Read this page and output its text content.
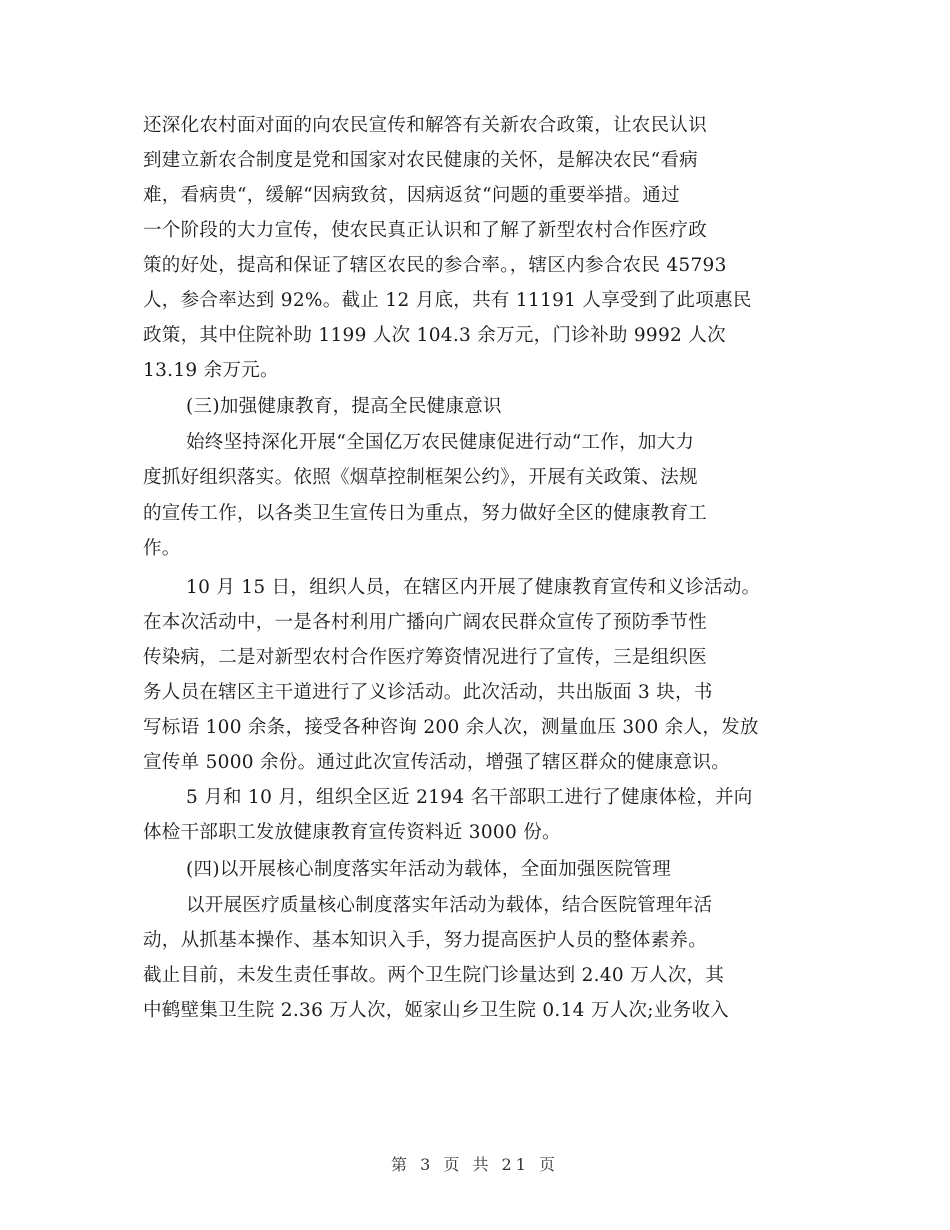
还深化农村面对面的向农民宣传和解答有关新农合政策，让农民认识
到建立新农合制度是党和国家对农民健康的关怀，是解决农民“看病
难，看病贵“，缓解“因病致贫，因病返贫“问题的重要举措。通过
一个阶段的大力宣传，使农民真正认识和了解了新型农村合作医疗政
策的好处，提高和保证了辖区农民的参合率。，辖区内参合农民 45793
人，参合率达到 92%。截止 12 月底，共有 11191 人享受到了此项惠民
政策，其中住院补助 1199 人次 104.3 余万元，门诊补助 9992 人次
13.19 余万元。
(三)加强健康教育，提高全民健康意识
始终坚持深化开展“全国亿万农民健康促进行动“工作，加大力
度抓好组织落实。依照《烟草控制框架公约》，开展有关政策、法规
的宣传工作，以各类卫生宣传日为重点，努力做好全区的健康教育工
作。
10 月 15 日，组织人员，在辖区内开展了健康教育宣传和义诊活动。
在本次活动中，一是各村利用广播向广阔农民群众宣传了预防季节性
传染病，二是对新型农村合作医疗筹资情况进行了宣传，三是组织医
务人员在辖区主干道进行了义诊活动。此次活动，共出版面 3 块，书
写标语 100 余条，接受各种咨询 200 余人次，测量血压 300 余人，发放
宣传单 5000 余份。通过此次宣传活动，增强了辖区群众的健康意识。
5 月和 10 月，组织全区近 2194 名干部职工进行了健康体检，并向
体检干部职工发放健康教育宣传资料近 3000 份。
(四)以开展核心制度落实年活动为载体，全面加强医院管理
以开展医疗质量核心制度落实年活动为载体，结合医院管理年活
动，从抓基本操作、基本知识入手，努力提高医护人员的整体素养。
截止目前，未发生责任事故。两个卫生院门诊量达到 2.40 万人次，其
中鹤壁集卫生院 2.36 万人次，姬家山乡卫生院 0.14 万人次;业务收入
第 3 页 共 21 页
